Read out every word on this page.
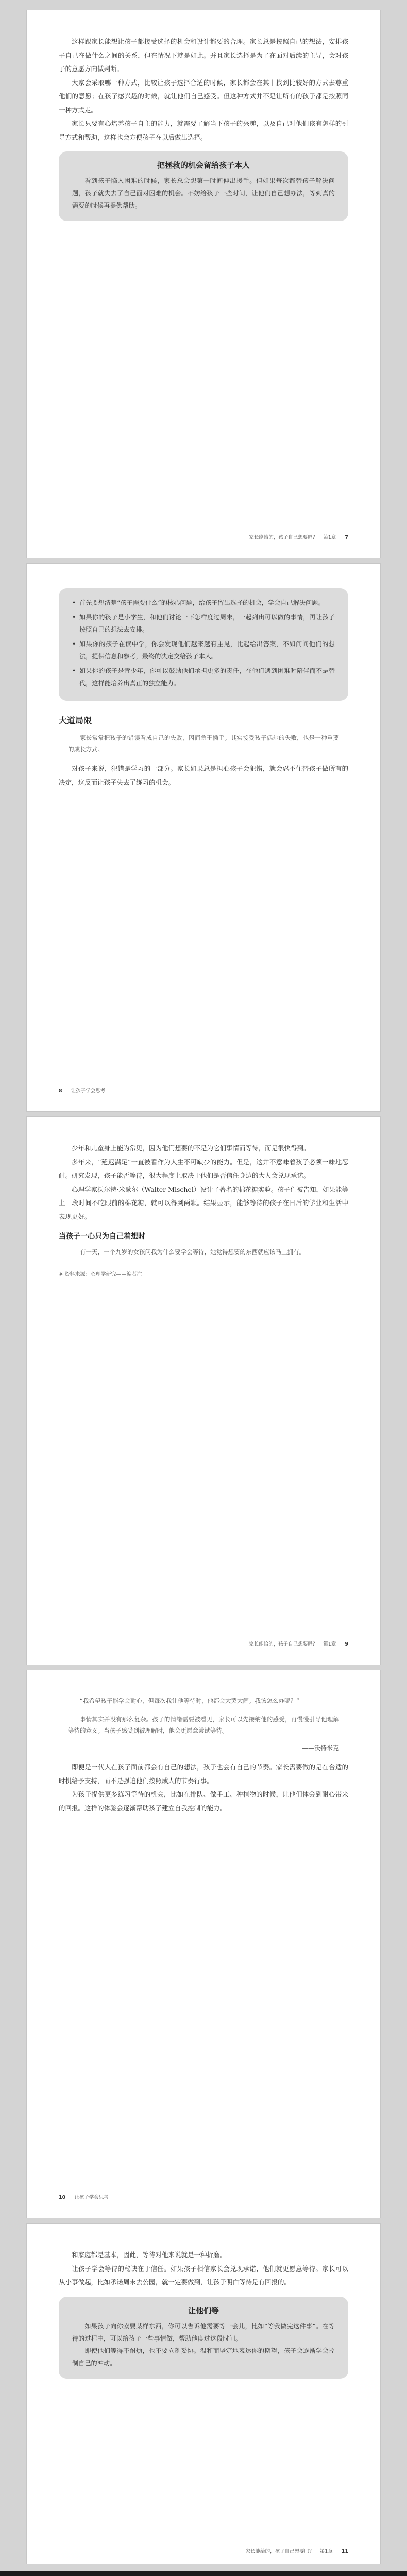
这样跟家长能想让孩子都接受选择的机会和设计都要的合理。家长总是按照自己的想法，安排孩子自己在做什么之间的关系，但在情况下就是如此。并且家长选择是为了在面对后续的主导，会对孩子的意愿方向做判断。

大家会采取哪一种方式，比较让孩子选择合适的时候，家长都会在其中找到比较好的方式去尊重他们的意愿；在孩子感兴趣的时候，就让他们自己感受。但这种方式并不是让所有的孩子都是按照同一种方式走。

家长只要有心培养孩子自主的能力，就需要了解当下孩子的兴趣，以及自己对他们该有怎样的引导方式和帮助，这样也会方便孩子在以后做出选择。

把拯救的机会留给孩子本人

看到孩子陷入困难的时候，家长总会想第一时间伸出援手。但如果每次都替孩子解决问题，孩子就失去了自己面对困难的机会。不妨给孩子一些时间，让他们自己想办法，等到真的需要的时候再提供帮助。

家长能给的，孩子自己想要吗？ 第1章 7
• 首先要想清楚“孩子需要什么”的核心问题，给孩子留出选择的机会，学会自己解决问题。
• 如果你的孩子是小学生，和他们讨论一下怎样度过周末，一起列出可以做的事情，再让孩子按照自己的想法去安排。
• 如果你的孩子在读中学，你会发现他们越来越有主见，比起给出答案，不如问问他们的想法，提供信息和参考，最终的决定交给孩子本人。
• 如果你的孩子是青少年，你可以鼓励他们承担更多的责任，在他们遇到困难时陪伴而不是替代，这样能培养出真正的独立能力。
大道局限

家长常常把孩子的错误看成自己的失败，因而急于插手。其实接受孩子偶尔的失败，也是一种重要的成长方式。

对孩子来说，犯错是学习的一部分。家长如果总是担心孩子会犯错，就会忍不住替孩子做所有的决定，这反而让孩子失去了练习的机会。

8 让孩子学会思考

少年和儿童身上能为常见，因为他们想要的不是为它们事情而等待，而是很快得到。

多年来，“延迟满足”一直被看作为人生不可缺少的能力。但是，这并不意味着孩子必须一味地忍耐。研究发现，孩子能否等待，很大程度上取决于他们是否信任身边的大人会兑现承诺。

心理学家沃尔特·米歇尔（Walter Mischel）设计了著名的棉花糖实验。孩子们被告知，如果能等上一段时间不吃眼前的棉花糖，就可以得到两颗。结果显示，能够等待的孩子在日后的学业和生活中表现更好。

当孩子一心只为自己着想时

有一天，一个九岁的女孩问我为什么要学会等待，她觉得想要的东西就应该马上拥有。

※ 资料来源：心理学研究——编者注
家长能给的，孩子自己想要吗？ 第1章 9

“我希望孩子能学会耐心，但每次我让他等待时，他都会大哭大闹。我该怎么办呢？”

事情其实并没有那么复杂。孩子的情绪需要被看见，家长可以先接纳他的感受，再慢慢引导他理解等待的意义。当孩子感受到被理解时，他会更愿意尝试等待。

——沃特米克

即便是一代人在孩子面前都会有自己的想法，孩子也会有自己的节奏。家长需要做的是在合适的时机给予支持，而不是强迫他们按照成人的节奏行事。

为孩子提供更多练习等待的机会，比如在排队、做手工、种植物的时候，让他们体会到耐心带来的回报。这样的体验会逐渐帮助孩子建立自我控制的能力。

10 让孩子学会思考

和家庭都是基本，因此，等待对他来说就是一种折磨。

让孩子学会等待的秘诀在于信任。如果孩子相信家长会兑现承诺，他们就更愿意等待。家长可以从小事做起，比如承诺周末去公园，就一定要做到，让孩子明白等待是有回报的。

让他们等

如果孩子向你索要某样东西，你可以告诉他需要等一会儿，比如“等我做完这件事”。在等待的过程中，可以给孩子一些事情做，帮助他度过这段时间。

即使他们等得不耐烦，也不要立刻妥协。温和而坚定地表达你的期望，孩子会逐渐学会控制自己的冲动。

家长能给的，孩子自己想要吗？ 第1章 11
